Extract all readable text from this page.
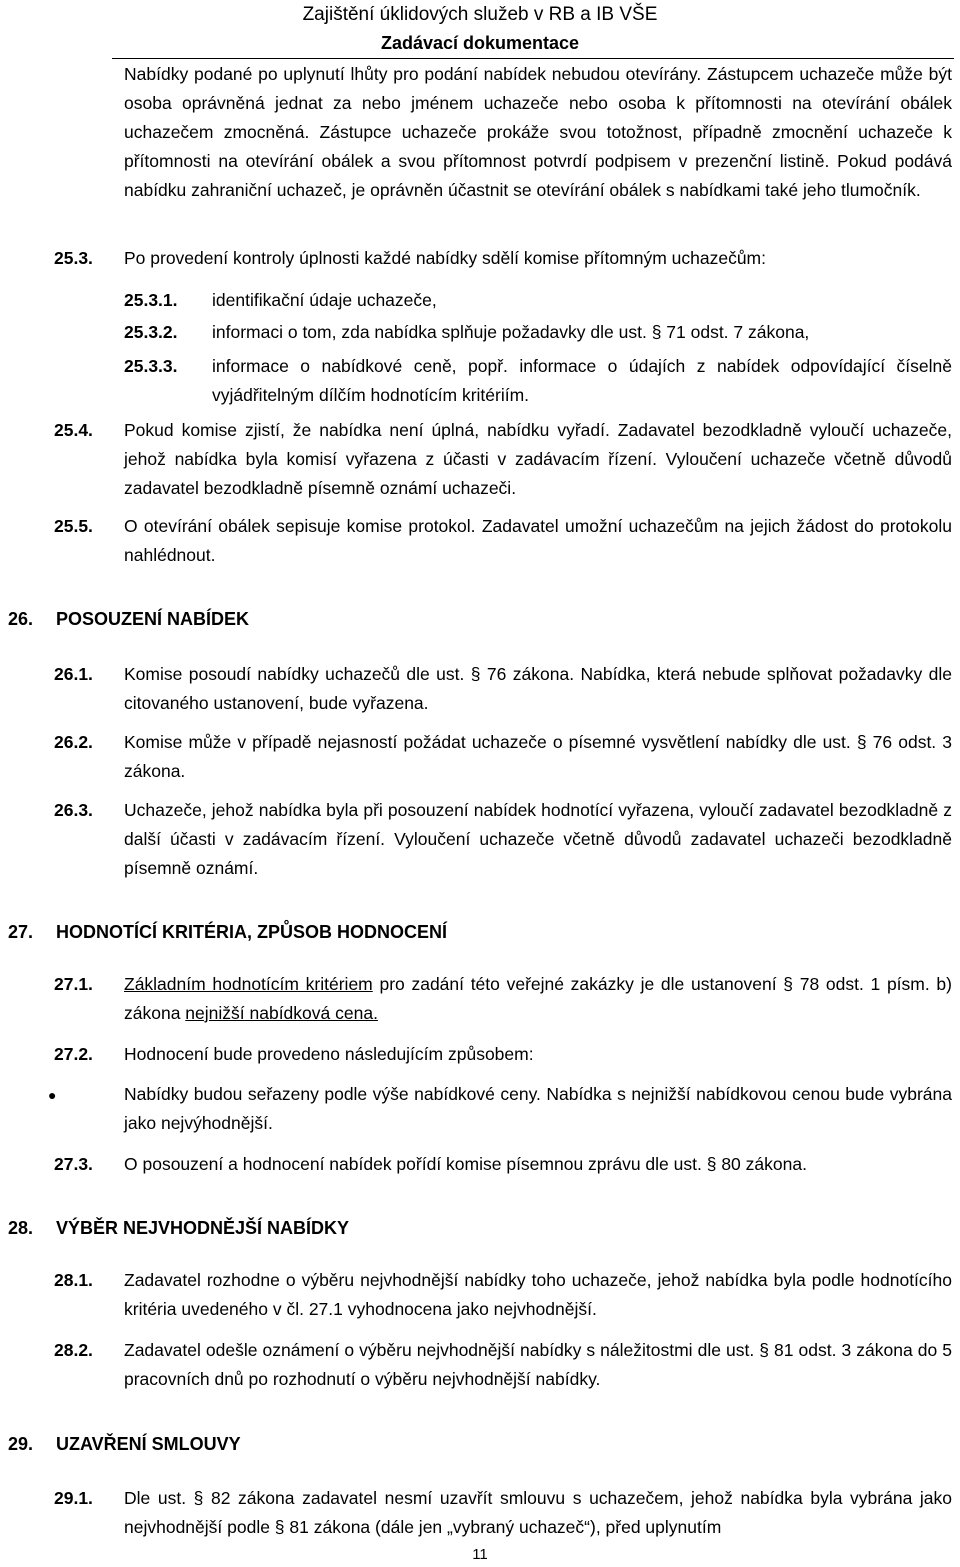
Zajištění úklidových služeb v RB a IB VŠE
Zadávací dokumentace
Nabídky podané po uplynutí lhůty pro podání nabídek nebudou otevírány. Zástupcem uchazeče může být osoba oprávněná jednat za nebo jménem uchazeče nebo osoba k přítomnosti na otevírání obálek uchazečem zmocněná. Zástupce uchazeče prokáže svou totožnost, případně zmocnění uchazeče k přítomnosti na otevírání obálek a svou přítomnost potvrdí podpisem v prezenční listině. Pokud podává nabídku zahraniční uchazeč, je oprávněn účastnit se otevírání obálek s nabídkami také jeho tlumočník.
25.3. Po provedení kontroly úplnosti každé nabídky sdělí komise přítomným uchazečům:
25.3.1. identifikační údaje uchazeče,
25.3.2. informaci o tom, zda nabídka splňuje požadavky dle ust. § 71 odst. 7 zákona,
25.3.3. informace o nabídkové ceně, popř. informace o údajích z nabídek odpovídající číselně vyjádřitelným dílčím hodnotícím kritériím.
25.4. Pokud komise zjistí, že nabídka není úplná, nabídku vyřadí. Zadavatel bezodkladně vyloučí uchazeče, jehož nabídka byla komisí vyřazena z účasti v zadávacím řízení. Vyloučení uchazeče včetně důvodů zadavatel bezodkladně písemně oznámí uchazeči.
25.5. O otevírání obálek sepisuje komise protokol. Zadavatel umožní uchazečům na jejich žádost do protokolu nahlédnout.
26. POSOUZENÍ NABÍDEK
26.1. Komise posoudí nabídky uchazečů dle ust. § 76 zákona. Nabídka, která nebude splňovat požadavky dle citovaného ustanovení, bude vyřazena.
26.2. Komise může v případě nejasností požádat uchazeče o písemné vysvětlení nabídky dle ust. § 76 odst. 3 zákona.
26.3. Uchazeče, jehož nabídka byla při posouzení nabídek hodnotící vyřazena, vyloučí zadavatel bezodkladně z další účasti v zadávacím řízení. Vyloučení uchazeče včetně důvodů zadavatel uchazeči bezodkladně písemně oznámí.
27. HODNOTÍCÍ KRITÉRIA, ZPŮSOB HODNOCENÍ
27.1. Základním hodnotícím kritériem pro zadání této veřejné zakázky je dle ustanovení § 78 odst. 1 písm. b) zákona nejnižší nabídková cena.
27.2. Hodnocení bude provedeno následujícím způsobem:
●	Nabídky budou seřazeny podle výše nabídkové ceny. Nabídka s nejnižší nabídkovou cenou bude vybrána jako nejvýhodnější.
27.3. O posouzení a hodnocení nabídek pořídí komise písemnou zprávu dle ust. § 80 zákona.
28. VÝBĚR NEJVHODNĚJŠÍ NABÍDKY
28.1. Zadavatel rozhodne o výběru nejvhodnější nabídky toho uchazeče, jehož nabídka byla podle hodnotícího kritéria uvedeného v čl. 27.1 vyhodnocena jako nejvhodnější.
28.2. Zadavatel odešle oznámení o výběru nejvhodnější nabídky s náležitostmi dle ust. § 81 odst. 3 zákona do 5 pracovních dnů po rozhodnutí o výběru nejvhodnější nabídky.
29. UZAVŘENÍ SMLOUVY
29.1. Dle ust. § 82 zákona zadavatel nesmí uzavřít smlouvu s uchazečem, jehož nabídka byla vybrána jako nejvhodnější podle § 81 zákona (dále jen „vybraný uchazeč“), před uplynutím
11
